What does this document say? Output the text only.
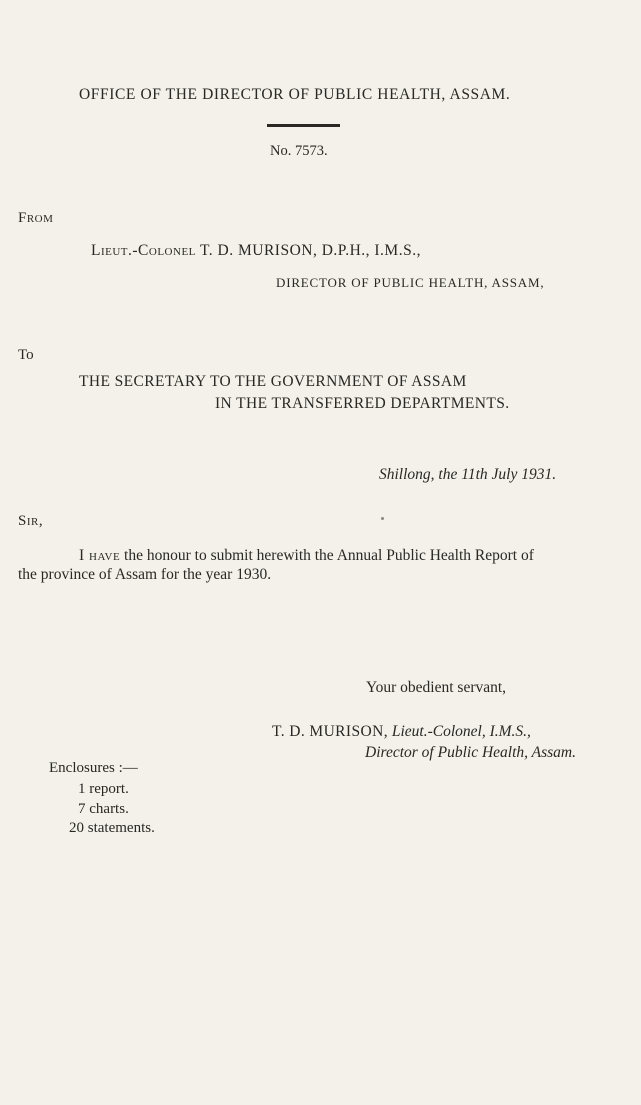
OFFICE OF THE DIRECTOR OF PUBLIC HEALTH, ASSAM.
No. 7573.
From
Lieut.-Colonel T. D. MURISON, D.P.H., I.M.S.,
DIRECTOR OF PUBLIC HEALTH, ASSAM,
To
THE SECRETARY TO THE GOVERNMENT OF ASSAM
IN THE TRANSFERRED DEPARTMENTS.
Shillong, the 11th July 1931.
Sir,
I have the honour to submit herewith the Annual Public Health Report of
the province of Assam for the year 1930.
Your obedient servant,
T. D. MURISON, Lieut.-Colonel, I.M.S.,
Director of Public Health, Assam.
Enclosures :—
1 report.
7 charts.
20 statements.
